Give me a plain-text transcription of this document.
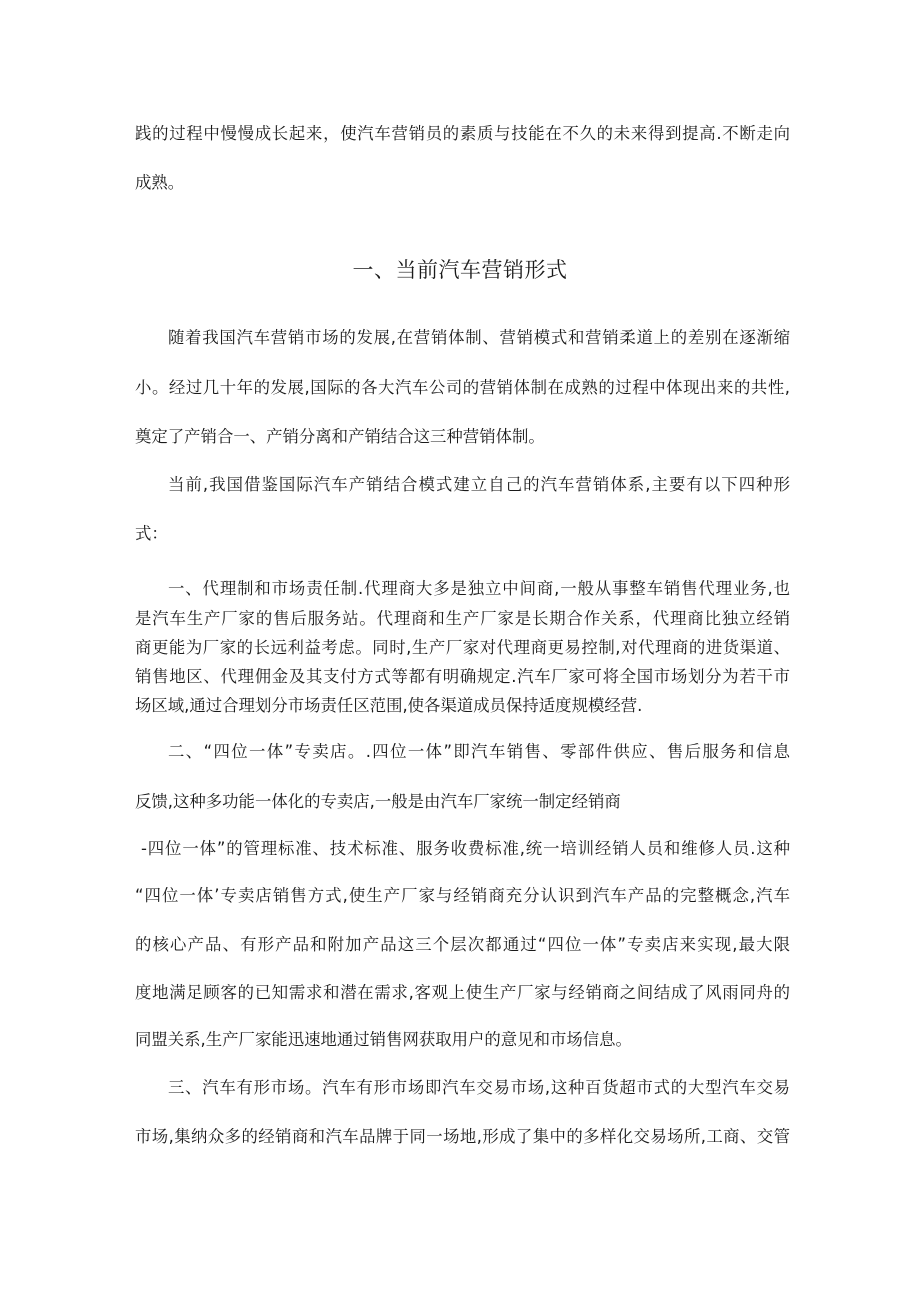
践的过程中慢慢成长起来，使汽车营销员的素质与技能在不久的未来得到提高.不断走向
成熟。
一、当前汽车营销形式
随着我国汽车营销市场的发展,在营销体制、营销模式和营销柔道上的差别在逐渐缩
小。经过几十年的发展,国际的各大汽车公司的营销体制在成熟的过程中体现出来的共性,
奠定了产销合一、产销分离和产销结合这三种营销体制。
当前,我国借鉴国际汽车产销结合模式建立自己的汽车营销体系,主要有以下四种形
式：
一、代理制和市场责任制.代理商大多是独立中间商,一般从事整车销售代理业务,也
是汽车生产厂家的售后服务站。代理商和生产厂家是长期合作关系，代理商比独立经销
商更能为厂家的长远利益考虑。同时,生产厂家对代理商更易控制,对代理商的进货渠道、
销售地区、代理佣金及其支付方式等都有明确规定.汽车厂家可将全国市场划分为若干市
场区域,通过合理划分市场责任区范围,使各渠道成员保持适度规模经营.
二、“四位一体”专卖店。.四位一体”即汽车销售、零部件供应、售后服务和信息
反馈,这种多功能一体化的专卖店,一般是由汽车厂家统一制定经销商
-四位一体”的管理标准、技术标准、服务收费标准,统一培训经销人员和维修人员.这种
“四位一体’专卖店销售方式,使生产厂家与经销商充分认识到汽车产品的完整概念,汽车
的核心产品、有形产品和附加产品这三个层次都通过“四位一体”专卖店来实现,最大限
度地满足顾客的已知需求和潜在需求,客观上使生产厂家与经销商之间结成了风雨同舟的
同盟关系,生产厂家能迅速地通过销售网获取用户的意见和市场信息。
三、汽车有形市场。汽车有形市场即汽车交易市场,这种百货超市式的大型汽车交易
市场,集纳众多的经销商和汽车品牌于同一场地,形成了集中的多样化交易场所,工商、交管
